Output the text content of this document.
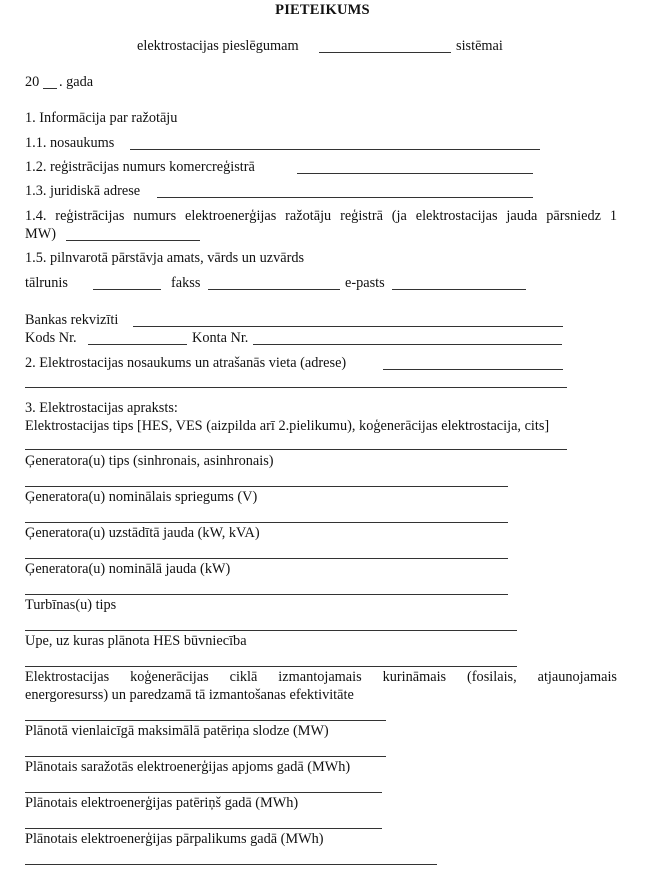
PIETEIKUMS
elektrostacijas pieslēgumam	sistēmai
20 . gada
1. Informācija par ražotāju
1.1. nosaukums
1.2. reģistrācijas numurs komercreģistrā
1.3. juridiskā adrese
1.4. reģistrācijas numurs elektroenerģijas ražotāju reģistrā (ja elektrostacijas jauda pārsniedz 1
MW)
1.5. pilnvarotā pārstāvja amats, vārds un uzvārds
tālrunis	fakss	e-pasts
Bankas rekvizīti
Kods Nr.	Konta Nr.
2. Elektrostacijas nosaukums un atrašanās vieta (adrese)
3. Elektrostacijas apraksts:
Elektrostacijas tips [HES, VES (aizpilda arī 2.pielikumu), koģenerācijas elektrostacija, cits]
Ģeneratora(u) tips (sinhronais, asinhronais)
Ģeneratora(u) nominālais spriegums (V)
Ģeneratora(u) uzstādītā jauda (kW, kVA)
Ģeneratora(u) nominālā jauda (kW)
Turbīnas(u) tips
Upe, uz kuras plānota HES būvniecība
Elektrostacijas koģenerācijas ciklā izmantojamais kurināmais (fosilais, atjaunojamais
energoresurss) un paredzamā tā izmantošanas efektivitāte
Plānotā vienlaicīgā maksimālā patēriņa slodze (MW)
Plānotais saražotās elektroenerģijas apjoms gadā (MWh)
Plānotais elektroenerģijas patēriņš gadā (MWh)
Plānotais elektroenerģijas pārpalikums gadā (MWh)
